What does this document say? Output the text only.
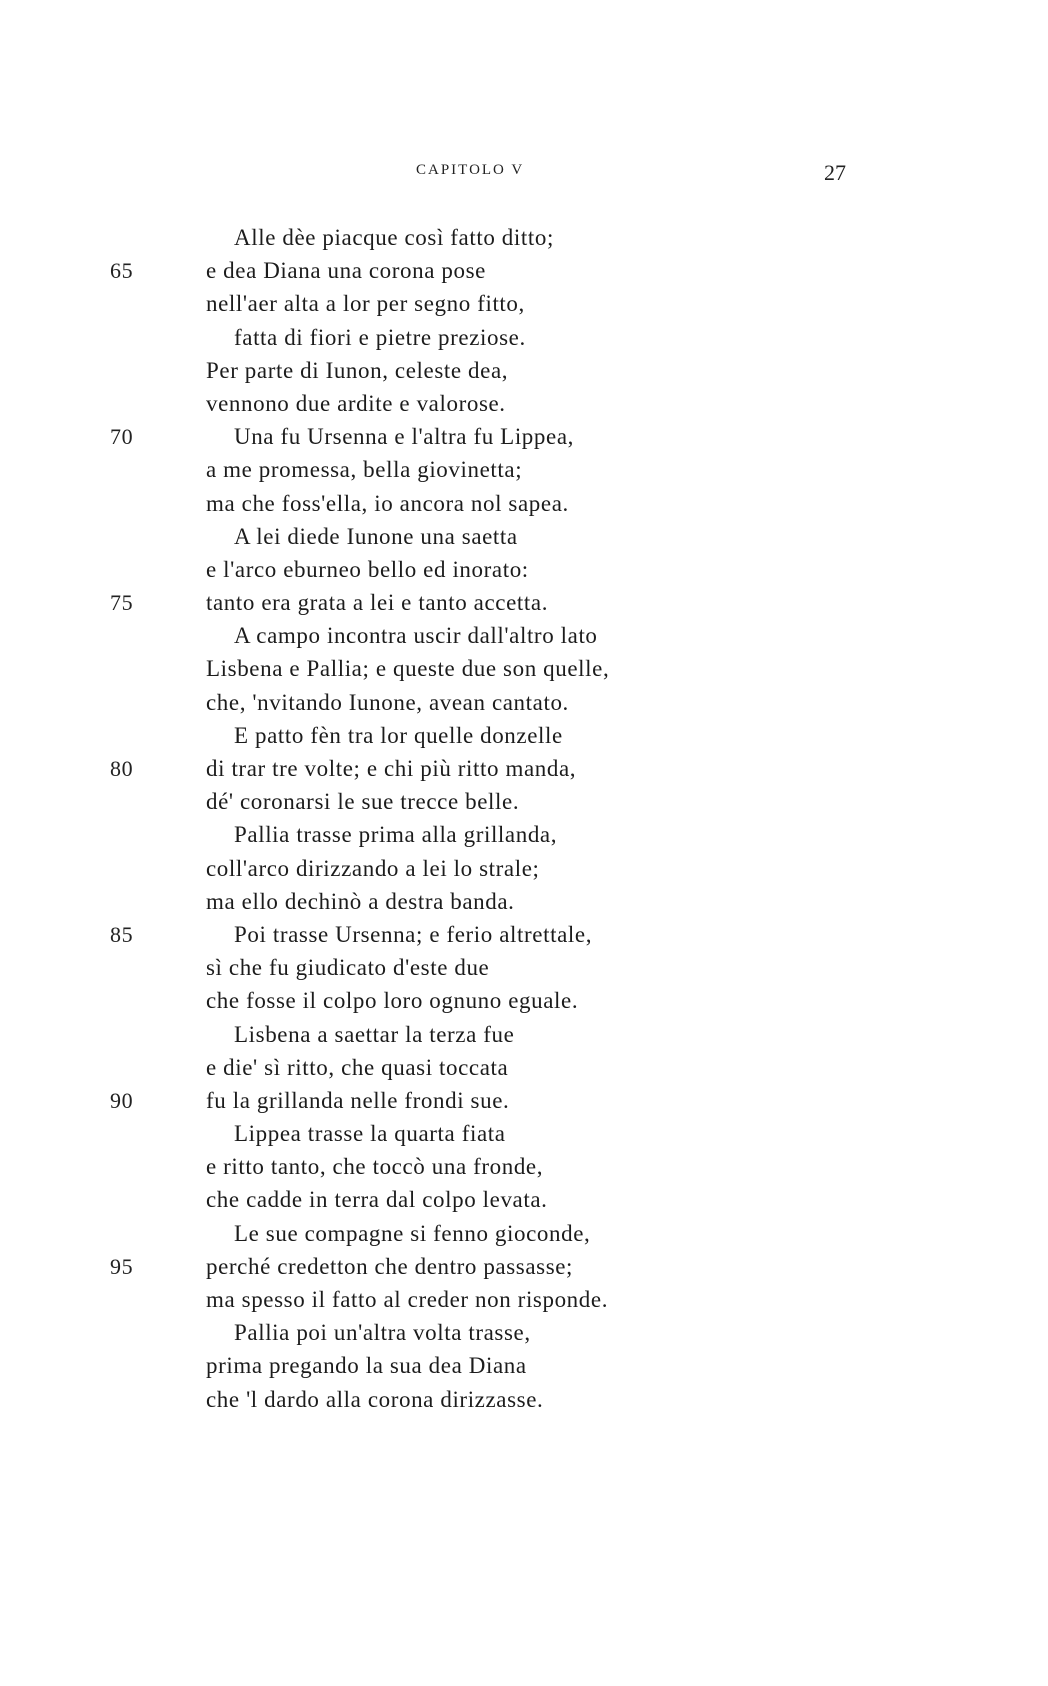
CAPITOLO V	27
Alle dèe piacque così fatto ditto;
65	e dea Diana una corona pose
nell'aer alta a lor per segno fitto,
fatta di fiori e pietre preziose.
Per parte di Iunon, celeste dea,
vennono due ardite e valorose.
70	Una fu Ursenna e l'altra fu Lippea,
a me promessa, bella giovinetta;
ma che foss'ella, io ancora nol sapea.
A lei diede Iunone una saetta
e l'arco eburneo bello ed inorato:
75	tanto era grata a lei e tanto accetta.
A campo incontra uscir dall'altro lato
Lisbena e Pallia; e queste due son quelle,
che, 'nvitando Iunone, avean cantato.
E patto fèn tra lor quelle donzelle
80	di trar tre volte; e chi più ritto manda,
dé' coronarsi le sue trecce belle.
Pallia trasse prima alla grillanda,
coll'arco dirizzando a lei lo strale;
ma ello dechinò a destra banda.
85	Poi trasse Ursenna; e ferio altrettale,
sì che fu giudicato d'este due
che fosse il colpo loro ognuno eguale.
Lisbena a saettar la terza fue
e die' sì ritto, che quasi toccata
90	fu la grillanda nelle frondi sue.
Lippea trasse la quarta fiata
e ritto tanto, che toccò una fronde,
che cadde in terra dal colpo levata.
Le sue compagne si fenno gioconde,
95	perché credetton che dentro passasse;
ma spesso il fatto al creder non risponde.
Pallia poi un'altra volta trasse,
prima pregando la sua dea Diana
che 'l dardo alla corona dirizzasse.
